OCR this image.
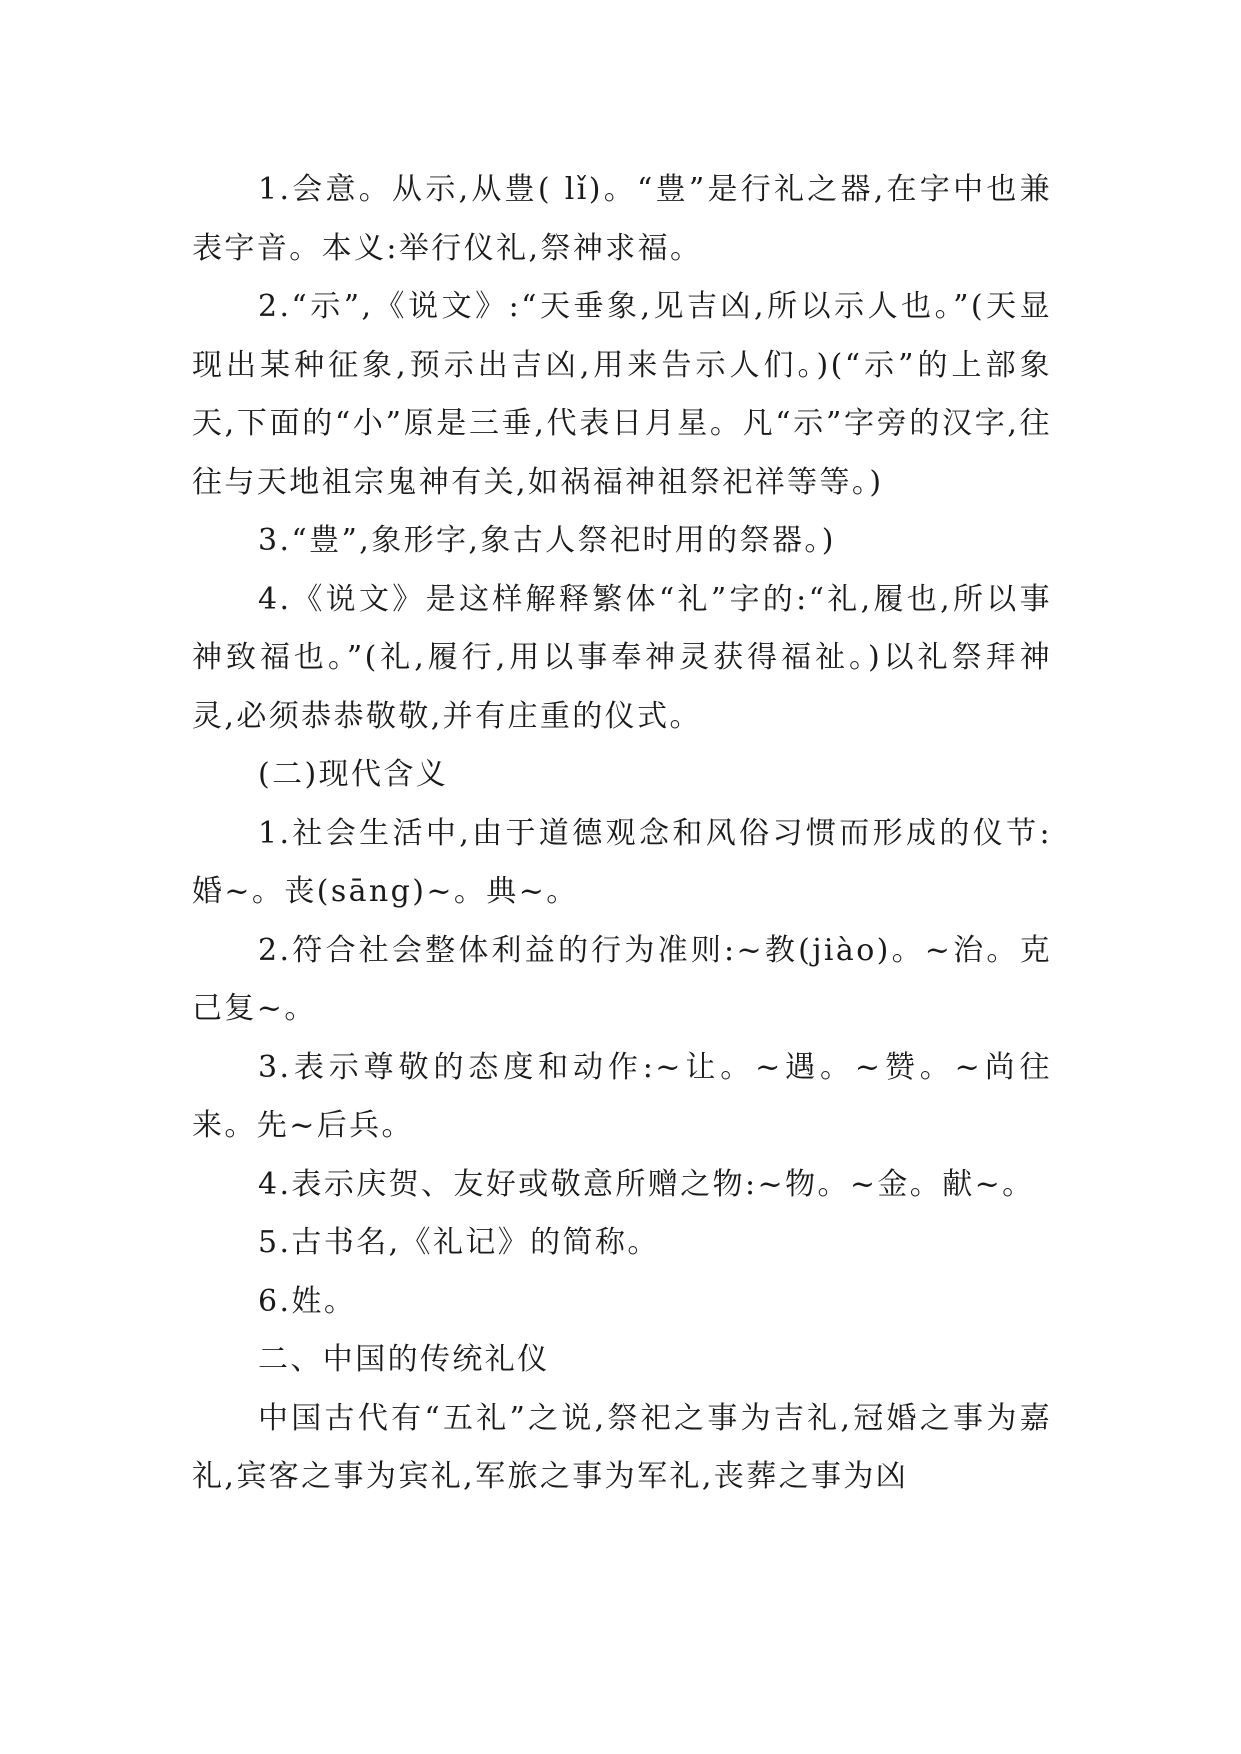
1.会意。从示,从豊( lǐ)。“豊”是行礼之器,在字中也兼表字音。本义:举行仪礼,祭神求福。

2.“示”,《说文》:“天垂象,见吉凶,所以示人也。”(天显现出某种征象,预示出吉凶,用来告示人们。)(“示”的上部象天,下面的“小”原是三垂,代表日月星。凡“示”字旁的汉字,往往与天地祖宗鬼神有关,如祸福神祖祭祀祥等等。)

3.“豊”,象形字,象古人祭祀时用的祭器。)

4.《说文》是这样解释繁体“礼”字的:“礼,履也,所以事神致福也。”(礼,履行,用以事奉神灵获得福祉。)以礼祭拜神灵,必须恭恭敬敬,并有庄重的仪式。

(二)现代含义

1.社会生活中,由于道德观念和风俗习惯而形成的仪节:婚~。丧(sāng)~。典~。

2.符合社会整体利益的行为准则:~教(jiào)。~治。克己复~。

3.表示尊敬的态度和动作:~让。~遇。~赞。~尚往来。先~后兵。

4.表示庆贺、友好或敬意所赠之物:~物。~金。献~。

5.古书名,《礼记》的简称。

6.姓。

二、中国的传统礼仪

中国古代有“五礼”之说,祭祀之事为吉礼,冠婚之事为嘉礼,宾客之事为宾礼,军旅之事为军礼,丧葬之事为凶
